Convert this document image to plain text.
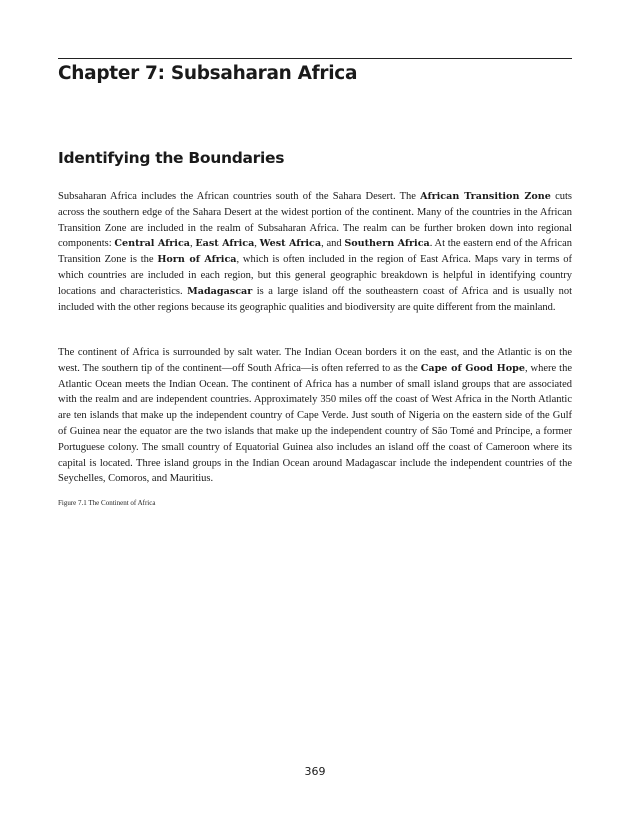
Chapter 7: Subsaharan Africa
Identifying the Boundaries

Subsaharan Africa includes the African countries south of the Sahara Desert. The African Transition Zone cuts across the southern edge of the Sahara Desert at the widest portion of the continent. Many of the countries in the African Transition Zone are included in the realm of Subsaharan Africa. The realm can be further broken down into regional components: Central Africa, East Africa, West Africa, and Southern Africa. At the eastern end of the African Transition Zone is the Horn of Africa, which is often included in the region of East Africa. Maps vary in terms of which countries are included in each region, but this general geographic breakdown is helpful in identifying country locations and characteristics. Madagascar is a large island off the southeastern coast of Africa and is usually not included with the other regions because its geographic qualities and biodiversity are quite different from the mainland.

The continent of Africa is surrounded by salt water. The Indian Ocean borders it on the east, and the Atlantic is on the west. The southern tip of the continent—off South Africa—is often referred to as the Cape of Good Hope, where the Atlantic Ocean meets the Indian Ocean. The continent of Africa has a number of small island groups that are associated with the realm and are independent countries. Approximately 350 miles off the coast of West Africa in the North Atlantic are ten islands that make up the independent country of Cape Verde. Just south of Nigeria on the eastern side of the Gulf of Guinea near the equator are the two islands that make up the independent country of São Tomé and Príncipe, a former Portuguese colony. The small country of Equatorial Guinea also includes an island off the coast of Cameroon where its capital is located. Three island groups in the Indian Ocean around Madagascar include the independent countries of the Seychelles, Comoros, and Mauritius.

Figure 7.1 The Continent of Africa

369
